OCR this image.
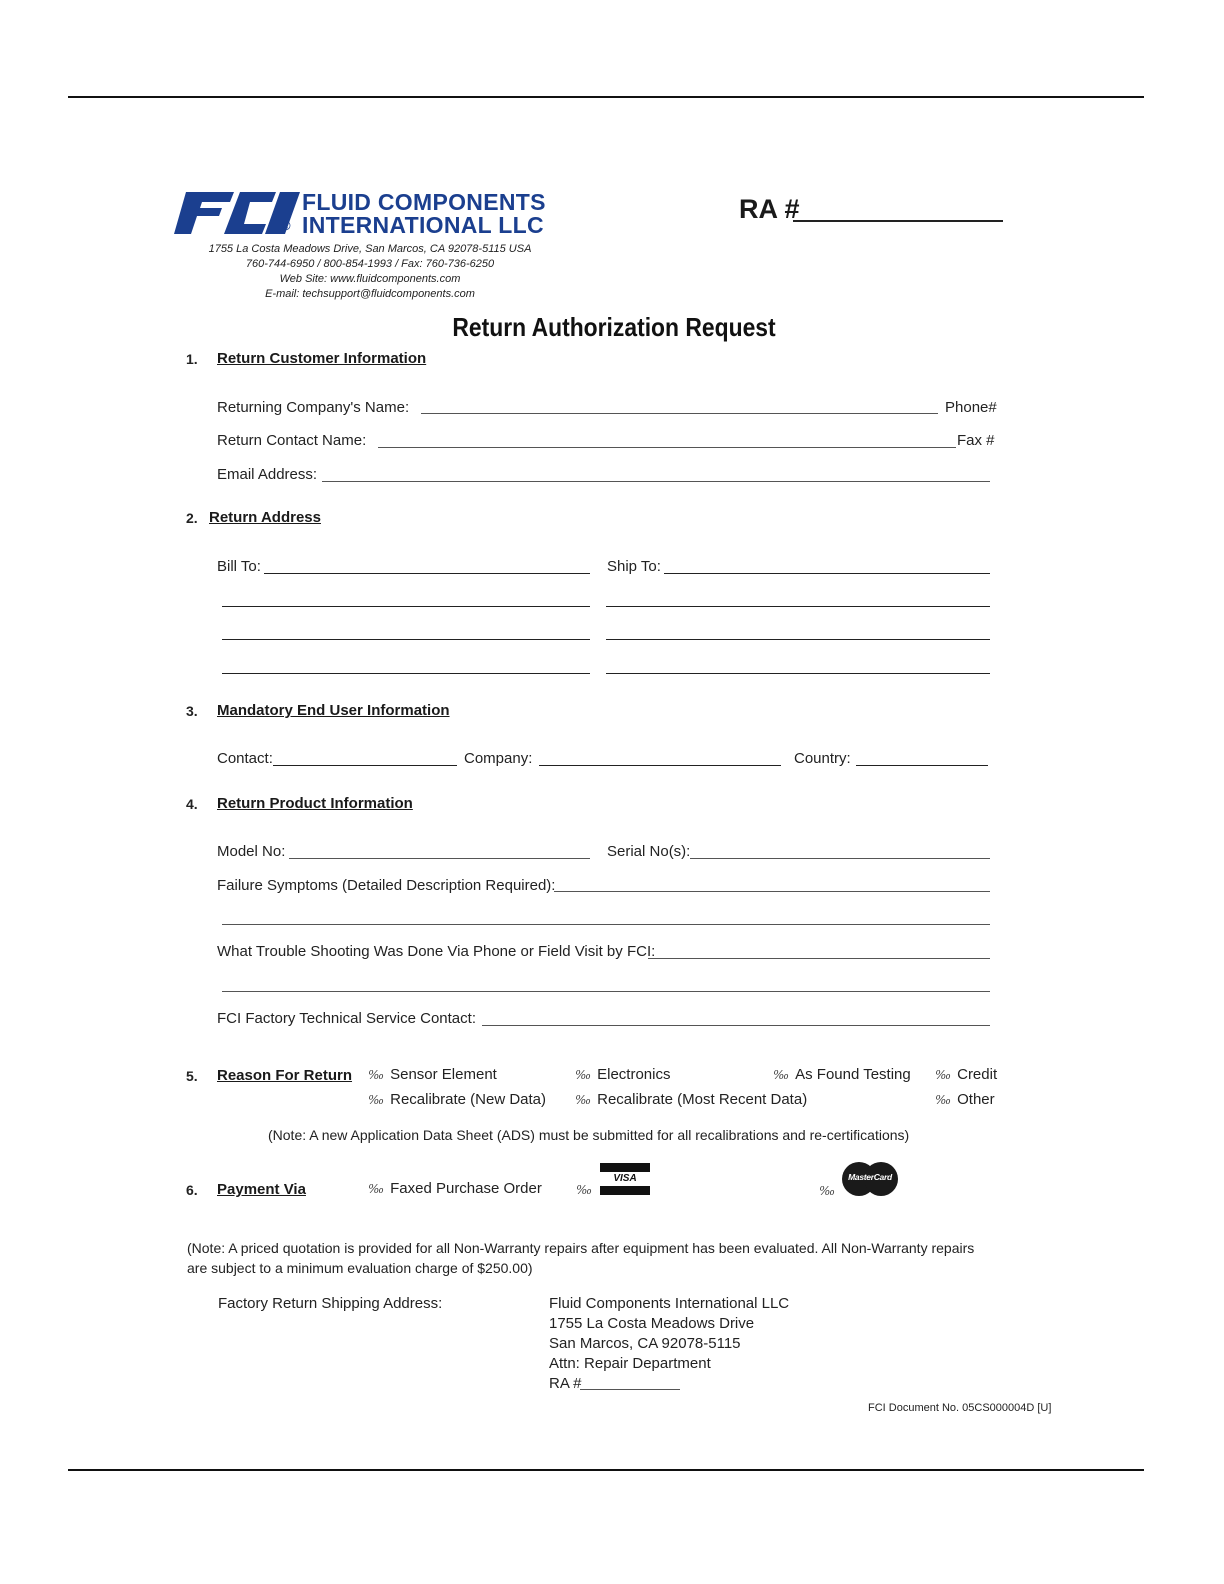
®
FLUID COMPONENTS
INTERNATIONAL LLC
1755 La Costa Meadows Drive, San Marcos, CA 92078-5115 USA
760-744-6950 / 800-854-1993 / Fax: 760-736-6250
Web Site: www.fluidcomponents.com
E-mail: techsupport@fluidcomponents.com
RA #
Return Authorization Request
1. Return Customer Information
Returning Company's Name:	Phone#
Return Contact Name:	Fax #
Email Address:
2. Return Address
Bill To:	Ship To:
3. Mandatory End User Information
Contact:	Company:	Country:
4. Return Product Information
Model No:	Serial No(s):
Failure Symptoms (Detailed Description Required):
What Trouble Shooting Was Done Via Phone or Field Visit by FCI:
FCI Factory Technical Service Contact:
5. Reason For Return ‰ Sensor Element	‰ Electronics	‰ As Found Testing ‰ Credit
‰ Recalibrate (New Data) ‰ Recalibrate (Most Recent Data)	‰ Other
(Note: A new Application Data Sheet (ADS) must be submitted for all recalibrations and re-certifications)
6. Payment Via	‰ Faxed Purchase Order	‰
VISA
‰
MasterCard
(Note: A priced quotation is provided for all Non-Warranty repairs after equipment has been evaluated. All Non-Warranty repairs
are subject to a minimum evaluation charge of $250.00)
Factory Return Shipping Address:	Fluid Components International LLC
1755 La Costa Meadows Drive
San Marcos, CA 92078-5115
Attn: Repair Department
RA #
FCI Document No. 05CS000004D [U]
